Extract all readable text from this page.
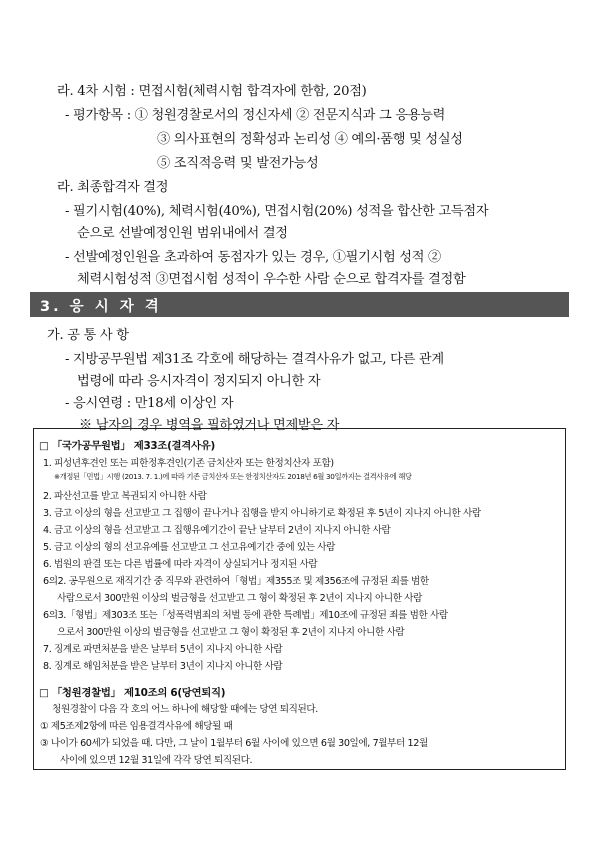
라. 4차 시험 : 면접시험(체력시험 합격자에 한함, 20점)
- 평가항목 : ① 청원경찰로서의 정신자세 ② 전문지식과 그 응용능력
③ 의사표현의 정확성과 논리성 ④ 예의·품행 및 성실성
⑤ 조직적응력 및 발전가능성
라. 최종합격자 결정
- 필기시험(40%), 체력시험(40%), 면접시험(20%) 성적을 합산한 고득점자
순으로 선발예정인원 범위내에서 결정
- 선발예정인원을 초과하여 동점자가 있는 경우, ①필기시험 성적 ②
체력시험성적 ③면접시험 성적이 우수한 사람 순으로 합격자를 결정함
3. 응 시 자 격
가. 공 통 사 항
- 지방공무원법 제31조 각호에 해당하는 결격사유가 없고, 다른 관계
법령에 따라 응시자격이 정지되지 아니한 자
- 응시연령 : 만18세 이상인 자
※ 남자의 경우 병역을 필하였거나 면제받은 자
□ 「국가공무원법」 제33조(결격사유)
1. 피성년후견인 또는 피한정후견인(기존 금치산자 또는 한정치산자 포함)
※개정된「민법」시행 (2013. 7. 1.)에 따라 기존 금치산자 또는 한정치산자도 2018년 6월 30일까지는 결격사유에 해당
2. 파산선고를 받고 복권되지 아니한 사람
3. 금고 이상의 형을 선고받고 그 집행이 끝나거나 집행을 받지 아니하기로 확정된 후 5년이 지나지 아니한 사람
4. 금고 이상의 형을 선고받고 그 집행유예기간이 끝난 날부터 2년이 지나지 아니한 사람
5. 금고 이상의 형의 선고유예를 선고받고 그 선고유예기간 중에 있는 사람
6. 법원의 판결 또는 다른 법률에 따라 자격이 상실되거나 정지된 사람
6의2. 공무원으로 재직기간 중 직무와 관련하여「형법」제355조 및 제356조에 규정된 죄를 범한
사람으로서 300만원 이상의 벌금형을 선고받고 그 형이 확정된 후 2년이 지나지 아니한 사람
6의3.「형법」제303조 또는「성폭력범죄의 처벌 등에 관한 특례법」제10조에 규정된 죄를 범한 사람
으로서 300만원 이상의 벌금형을 선고받고 그 형이 확정된 후 2년이 지나지 아니한 사람
7. 징계로 파면처분을 받은 날부터 5년이 지나지 아니한 사람
8. 징계로 해임처분을 받은 날부터 3년이 지나지 아니한 사람
□ 「청원경찰법」 제10조의 6(당연퇴직)
청원경찰이 다음 각 호의 어느 하나에 해당할 때에는 당연 퇴직된다.
① 제5조제2항에 따른 임용결격사유에 해당될 때
③ 나이가 60세가 되었을 때. 다만, 그 날이 1월부터 6월 사이에 있으면 6월 30일에, 7월부터 12월
사이에 있으면 12월 31일에 각각 당연 퇴직된다.
